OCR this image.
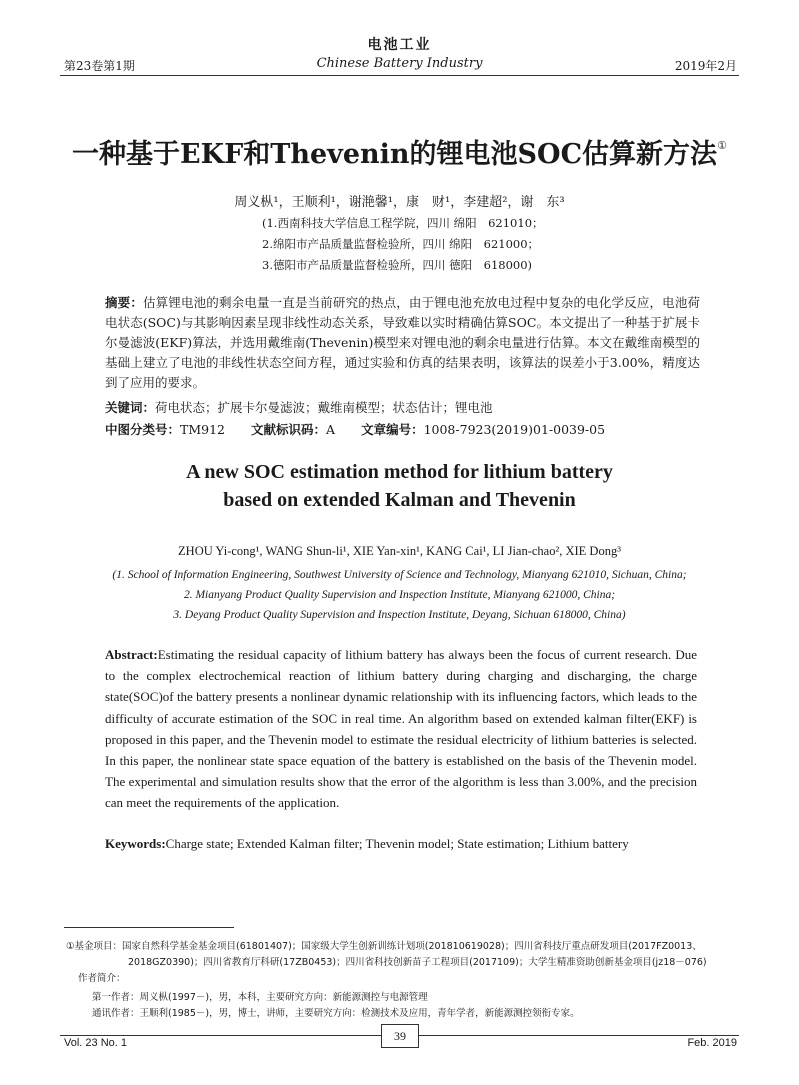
电池工业
第23卷第1期	Chinese Battery Industry	2019年2月
一种基于EKF和Thevenin的锂电池SOC估算新方法①
周义枞¹，王顺利¹，谢滟馨¹，康　财¹，李建超²，谢　东³
(1.西南科技大学信息工程学院，四川 绵阳　621010；
2.绵阳市产品质量监督检验所，四川 绵阳　621000；
3.德阳市产品质量监督检验所，四川 德阳　618000)
摘要：估算锂电池的剩余电量一直是当前研究的热点，由于锂电池充放电过程中复杂的电化学反应，电池荷电状态(SOC)与其影响因素呈现非线性动态关系，导致难以实时精确估算SOC。本文提出了一种基于扩展卡尔曼滤波(EKF)算法，并选用戴维南(Thevenin)模型来对锂电池的剩余电量进行估算。本文在戴维南模型的基础上建立了电池的非线性状态空间方程，通过实验和仿真的结果表明，该算法的误差小于3.00%，精度达到了应用的要求。
关键词：荷电状态；扩展卡尔曼滤波；戴维南模型；状态估计；锂电池
中图分类号：TM912 文献标识码：A 文章编号：1008-7923(2019)01-0039-05
A new SOC estimation method for lithium battery
based on extended Kalman and Thevenin
ZHOU Yi-cong¹, WANG Shun-li¹, XIE Yan-xin¹, KANG Cai¹, LI Jian-chao², XIE Dong³
(1. School of Information Engineering, Southwest University of Science and Technology, Mianyang 621010, Sichuan, China;
2. Mianyang Product Quality Supervision and Inspection Institute, Mianyang 621000, China;
3. Deyang Product Quality Supervision and Inspection Institute, Deyang, Sichuan 618000, China)
Abstract:Estimating the residual capacity of lithium battery has always been the focus of current research. Due to the complex electrochemical reaction of lithium battery during charging and discharging, the charge state(SOC)of the battery presents a nonlinear dynamic relationship with its influencing factors, which leads to the difficulty of accurate estimation of the SOC in real time. An algorithm based on extended kalman filter(EKF) is proposed in this paper, and the Thevenin model to estimate the residual electricity of lithium batteries is selected. In this paper, the nonlinear state space equation of the battery is established on the basis of the Thevenin model. The experimental and simulation results show that the error of the algorithm is less than 3.00%, and the precision can meet the requirements of the application.
Keywords:Charge state; Extended Kalman filter; Thevenin model; State estimation; Lithium battery
①基金项目：国家自然科学基金基金项目(61801407)；国家级大学生创新训练计划项(201810619028)；四川省科技厅重点研发项目(2017FZ0013、
2018GZ0390)；四川省教育厅科研(17ZB0453)；四川省科技创新苗子工程项目(2017109)；大学生精准资助创新基金项目(jz18－076)
作者简介：
第一作者：周义枞(1997－)，男，本科，主要研究方向：新能源测控与电源管理
通讯作者：王顺利(1985－)，男，博士，讲师，主要研究方向：检测技术及应用，青年学者，新能源测控领衔专家。
Vol. 23 No. 1	39	Feb. 2019
